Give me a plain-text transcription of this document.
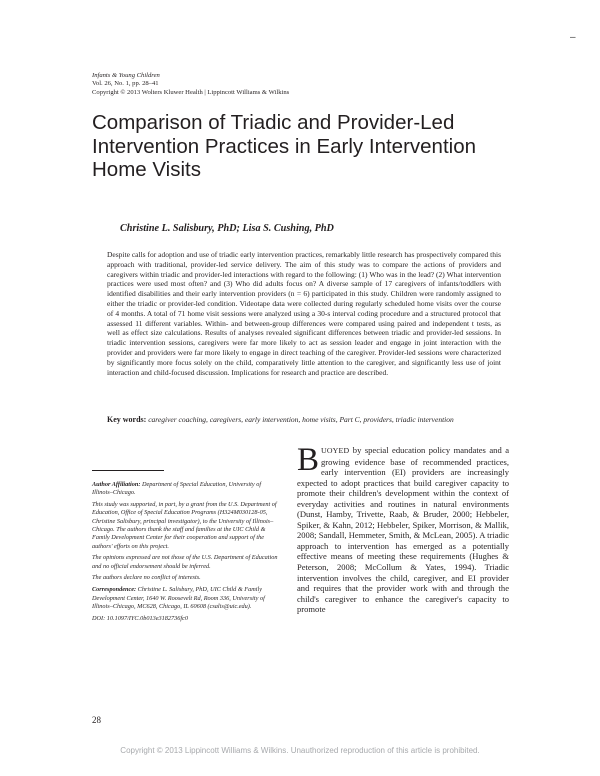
–
Infants & Young Children
Vol. 26, No. 1, pp. 28–41
Copyright © 2013 Wolters Kluwer Health | Lippincott Williams & Wilkins
Comparison of Triadic and Provider-Led Intervention Practices in Early Intervention Home Visits
Christine L. Salisbury, PhD; Lisa S. Cushing, PhD
Despite calls for adoption and use of triadic early intervention practices, remarkably little research has prospectively compared this approach with traditional, provider-led service delivery. The aim of this study was to compare the actions of providers and caregivers within triadic and provider-led interactions with regard to the following: (1) Who was in the lead? (2) What intervention practices were used most often? and (3) Who did adults focus on? A diverse sample of 17 caregivers of infants/toddlers with identified disabilities and their early intervention providers (n = 6) participated in this study. Children were randomly assigned to either the triadic or provider-led condition. Videotape data were collected during regularly scheduled home visits over the course of 4 months. A total of 71 home visit sessions were analyzed using a 30-s interval coding procedure and a structured protocol that assessed 11 different variables. Within- and between-group differences were compared using paired and independent t tests, as well as effect size calculations. Results of analyses revealed significant differences between triadic and provider-led sessions. In triadic intervention sessions, caregivers were far more likely to act as session leader and engage in joint interaction with the provider and providers were far more likely to engage in direct teaching of the caregiver. Provider-led sessions were characterized by significantly more focus solely on the child, comparatively little attention to the caregiver, and significantly less use of joint interaction and child-focused discussion. Implications for research and practice are described.
Key words: caregiver coaching, caregivers, early intervention, home visits, Part C, providers, triadic intervention

Author Affiliation: Department of Special Education, University of Illinois–Chicago.

This study was supported, in part, by a grant from the U.S. Department of Education, Office of Special Education Programs (H324M030128-05, Christine Salisbury, principal investigator), to the University of Illinois–Chicago. The authors thank the staff and families at the UIC Child & Family Development Center for their cooperation and support of the authors' efforts on this project.

The opinions expressed are not those of the U.S. Department of Education and no official endorsement should be inferred.

The authors declare no conflict of interests.

Correspondence: Christine L. Salisbury, PhD, UIC Child & Family Development Center, 1640 W. Roosevelt Rd, Room 336, University of Illinois–Chicago, MC628, Chicago, IL 60608 (csalis@uic.edu).

DOI: 10.1097/IYC.0b013e3182736fc0

BUOYED by special education policy mandates and a growing evidence base of recommended practices, early intervention (EI) providers are increasingly expected to adopt practices that build caregiver capacity to promote their children's development within the context of everyday activities and routines in natural environments (Dunst, Hamby, Trivette, Raab, & Bruder, 2000; Hebbeler, Spiker, & Kahn, 2012; Hebbeler, Spiker, Morrison, & Mallik, 2008; Sandall, Hemmeter, Smith, & McLean, 2005). A triadic approach to intervention has emerged as a potentially effective means of meeting these requirements (Hughes & Peterson, 2008; McCollum & Yates, 1994). Triadic intervention involves the child, caregiver, and EI provider and requires that the provider work with and through the child's caregiver to enhance the caregiver's capacity to promote
28
Copyright © 2013 Lippincott Williams & Wilkins. Unauthorized reproduction of this article is prohibited.
